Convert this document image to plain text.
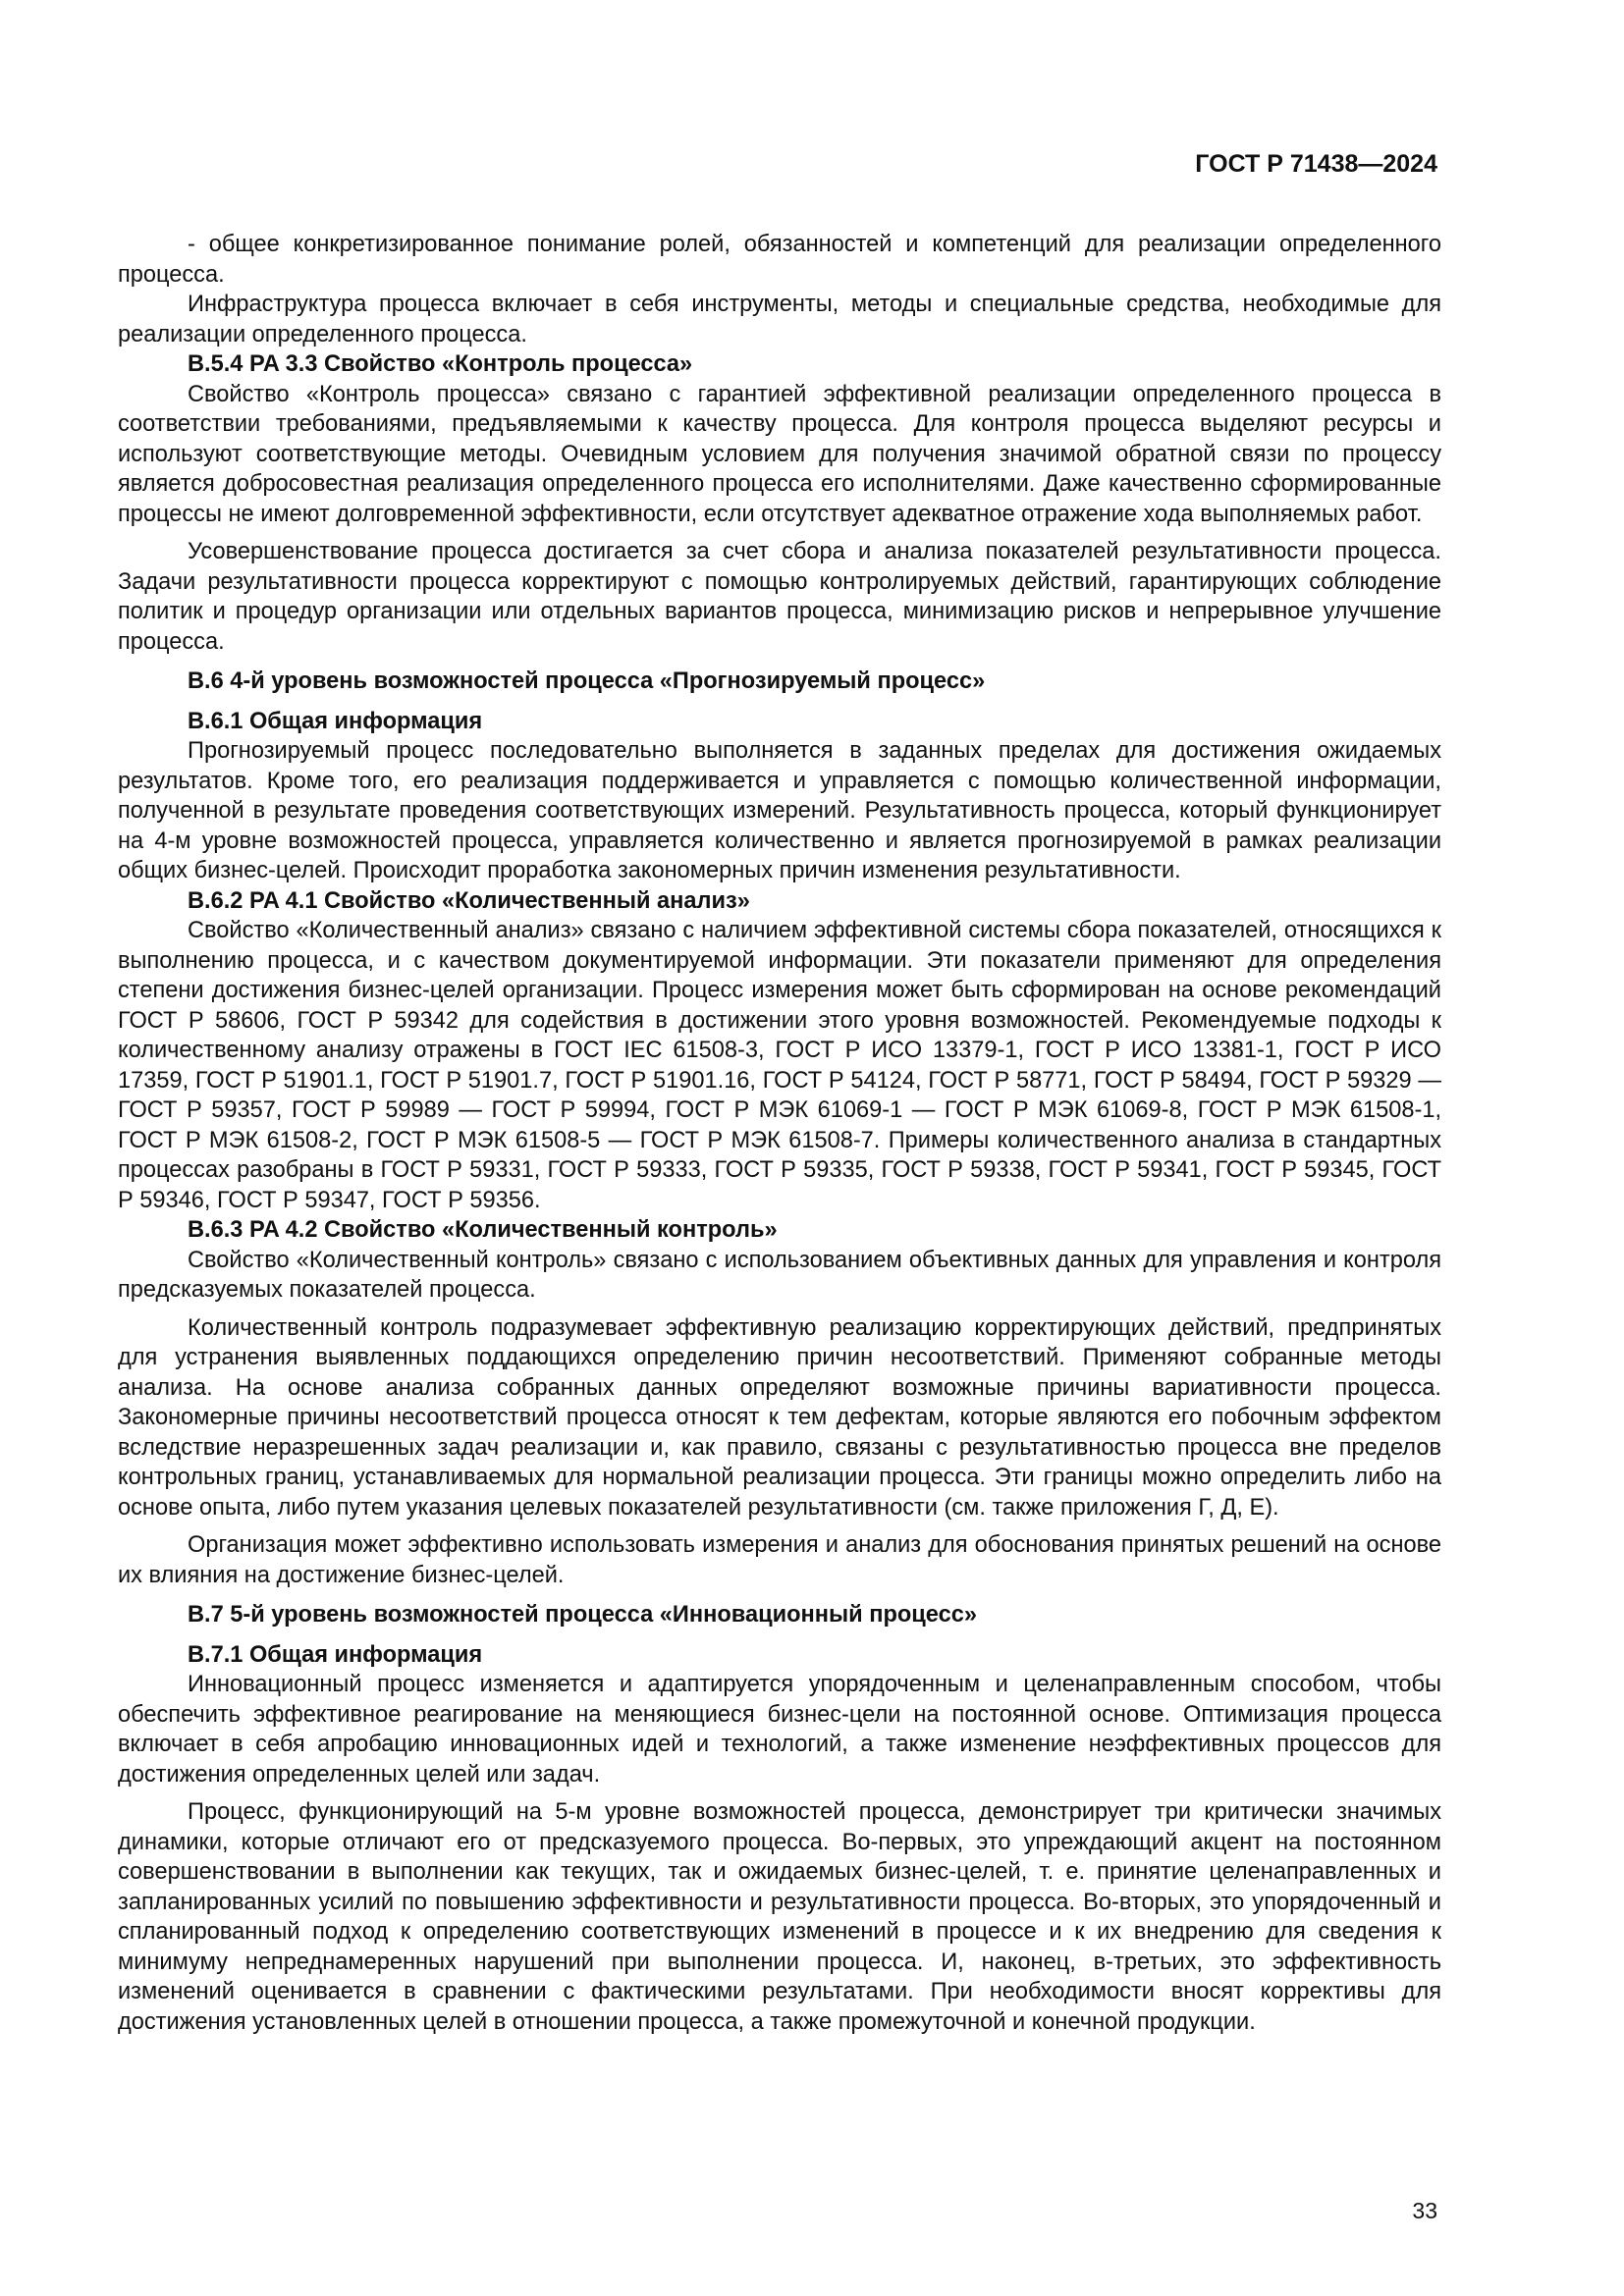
ГОСТ Р 71438—2024

- общее конкретизированное понимание ролей, обязанностей и компетенций для реализации определенного процесса.

Инфраструктура процесса включает в себя инструменты, методы и специальные средства, необходимые для реализации определенного процесса.

В.5.4 PA 3.3 Свойство «Контроль процесса»

Свойство «Контроль процесса» связано с гарантией эффективной реализации определенного процесса в соответствии требованиями, предъявляемыми к качеству процесса. Для контроля процесса выделяют ресурсы и используют соответствующие методы. Очевидным условием для получения значимой обратной связи по процессу является добросовестная реализация определенного процесса его исполнителями. Даже качественно сформированные процессы не имеют долговременной эффективности, если отсутствует адекватное отражение хода выполняемых работ.

Усовершенствование процесса достигается за счет сбора и анализа показателей результативности процесса. Задачи результативности процесса корректируют с помощью контролируемых действий, гарантирующих соблюдение политик и процедур организации или отдельных вариантов процесса, минимизацию рисков и непрерывное улучшение процесса.

В.6 4-й уровень возможностей процесса «Прогнозируемый процесс»

В.6.1 Общая информация

Прогнозируемый процесс последовательно выполняется в заданных пределах для достижения ожидаемых результатов. Кроме того, его реализация поддерживается и управляется с помощью количественной информации, полученной в результате проведения соответствующих измерений. Результативность процесса, который функционирует на 4-м уровне возможностей процесса, управляется количественно и является прогнозируемой в рамках реализации общих бизнес-целей. Происходит проработка закономерных причин изменения результативности.

В.6.2 PA 4.1 Свойство «Количественный анализ»

Свойство «Количественный анализ» связано с наличием эффективной системы сбора показателей, относящихся к выполнению процесса, и с качеством документируемой информации. Эти показатели применяют для определения степени достижения бизнес-целей организации. Процесс измерения может быть сформирован на основе рекомендаций ГОСТ Р 58606, ГОСТ Р 59342 для содействия в достижении этого уровня возможностей. Рекомендуемые подходы к количественному анализу отражены в ГОСТ IEC 61508-3, ГОСТ Р ИСО 13379-1, ГОСТ Р ИСО 13381-1, ГОСТ Р ИСО 17359, ГОСТ Р 51901.1, ГОСТ Р 51901.7, ГОСТ Р 51901.16, ГОСТ Р 54124, ГОСТ Р 58771, ГОСТ Р 58494, ГОСТ Р 59329 — ГОСТ Р 59357, ГОСТ Р 59989 — ГОСТ Р 59994, ГОСТ Р МЭК 61069-1 — ГОСТ Р МЭК 61069-8, ГОСТ Р МЭК 61508-1, ГОСТ Р МЭК 61508-2, ГОСТ Р МЭК 61508-5 — ГОСТ Р МЭК 61508-7. Примеры количественного анализа в стандартных процессах разобраны в ГОСТ Р 59331, ГОСТ Р 59333, ГОСТ Р 59335, ГОСТ Р 59338, ГОСТ Р 59341, ГОСТ Р 59345, ГОСТ Р 59346, ГОСТ Р 59347, ГОСТ Р 59356.

В.6.3 PA 4.2 Свойство «Количественный контроль»

Свойство «Количественный контроль» связано с использованием объективных данных для управления и контроля предсказуемых показателей процесса.

Количественный контроль подразумевает эффективную реализацию корректирующих действий, предпринятых для устранения выявленных поддающихся определению причин несоответствий. Применяют собранные методы анализа. На основе анализа собранных данных определяют возможные причины вариативности процесса. Закономерные причины несоответствий процесса относят к тем дефектам, которые являются его побочным эффектом вследствие неразрешенных задач реализации и, как правило, связаны с результативностью процесса вне пределов контрольных границ, устанавливаемых для нормальной реализации процесса. Эти границы можно определить либо на основе опыта, либо путем указания целевых показателей результативности (см. также приложения Г, Д, Е).

Организация может эффективно использовать измерения и анализ для обоснования принятых решений на основе их влияния на достижение бизнес-целей.

В.7 5-й уровень возможностей процесса «Инновационный процесс»

В.7.1 Общая информация

Инновационный процесс изменяется и адаптируется упорядоченным и целенаправленным способом, чтобы обеспечить эффективное реагирование на меняющиеся бизнес-цели на постоянной основе. Оптимизация процесса включает в себя апробацию инновационных идей и технологий, а также изменение неэффективных процессов для достижения определенных целей или задач.

Процесс, функционирующий на 5-м уровне возможностей процесса, демонстрирует три критически значимых динамики, которые отличают его от предсказуемого процесса. Во-первых, это упреждающий акцент на постоянном совершенствовании в выполнении как текущих, так и ожидаемых бизнес-целей, т. е. принятие целенаправленных и запланированных усилий по повышению эффективности и результативности процесса. Во-вторых, это упорядоченный и спланированный подход к определению соответствующих изменений в процессе и к их внедрению для сведения к минимуму непреднамеренных нарушений при выполнении процесса. И, наконец, в-третьих, это эффективность изменений оценивается в сравнении с фактическими результатами. При необходимости вносят коррективы для достижения установленных целей в отношении процесса, а также промежуточной и конечной продукции.

33
